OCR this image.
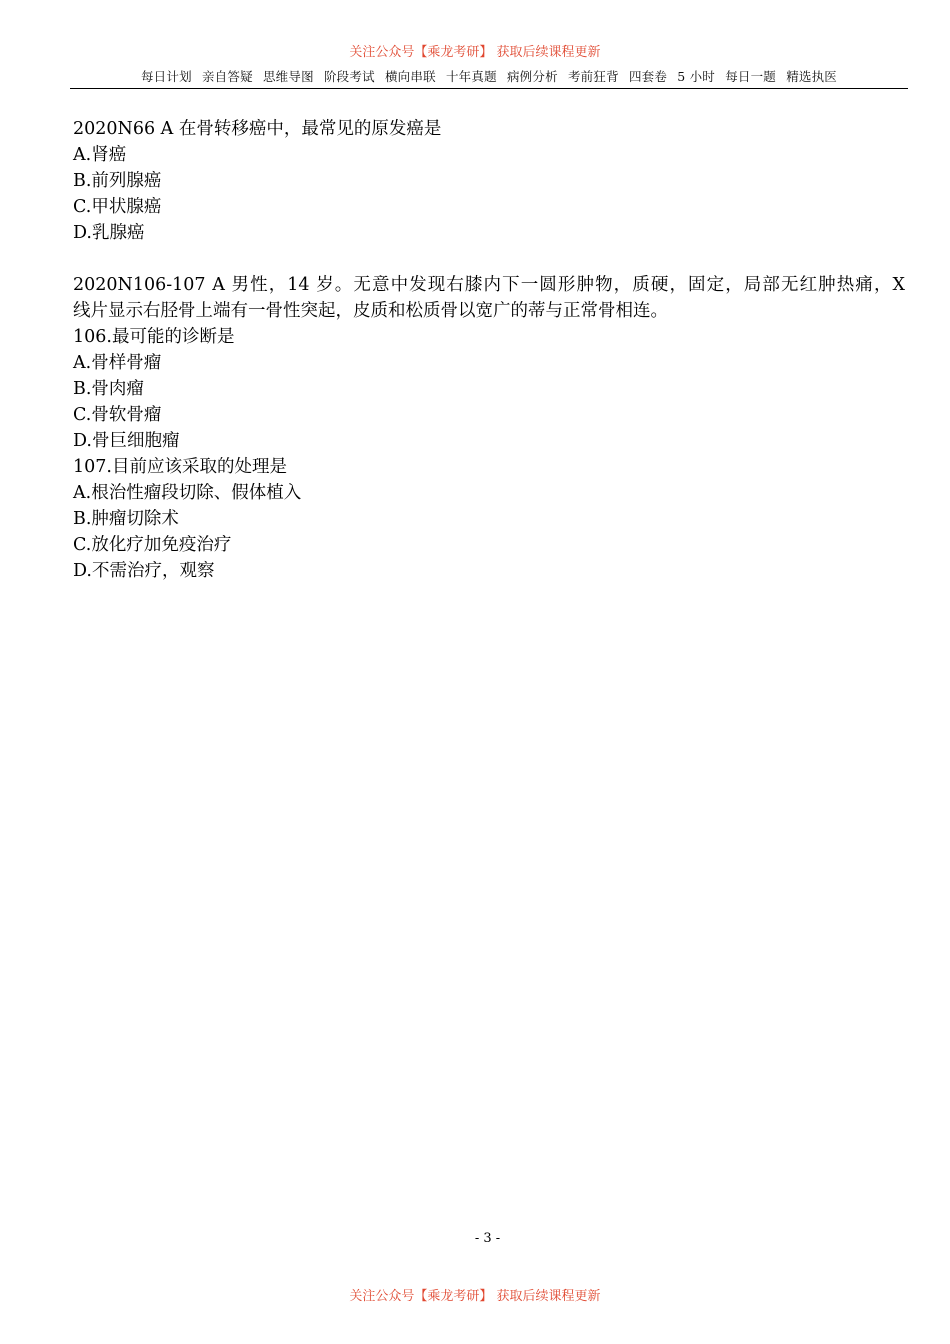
关注公众号【乘龙考研】 获取后续课程更新
每日计划 亲自答疑 思维导图 阶段考试 横向串联 十年真题 病例分析 考前狂背 四套卷 5 小时 每日一题 精选执医

2020N66 A 在骨转移癌中，最常见的原发癌是

A.肾癌

B.前列腺癌

C.甲状腺癌

D.乳腺癌

2020N106-107 A 男性，14 岁。无意中发现右膝内下一圆形肿物，质硬，固定，局部无红肿热痛，X

线片显示右胫骨上端有一骨性突起，皮质和松质骨以宽广的蒂与正常骨相连。

106.最可能的诊断是

A.骨样骨瘤

B.骨肉瘤

C.骨软骨瘤

D.骨巨细胞瘤

107.目前应该采取的处理是

A.根治性瘤段切除、假体植入

B.肿瘤切除术

C.放化疗加免疫治疗

D.不需治疗，观察

- 3 -
关注公众号【乘龙考研】 获取后续课程更新
